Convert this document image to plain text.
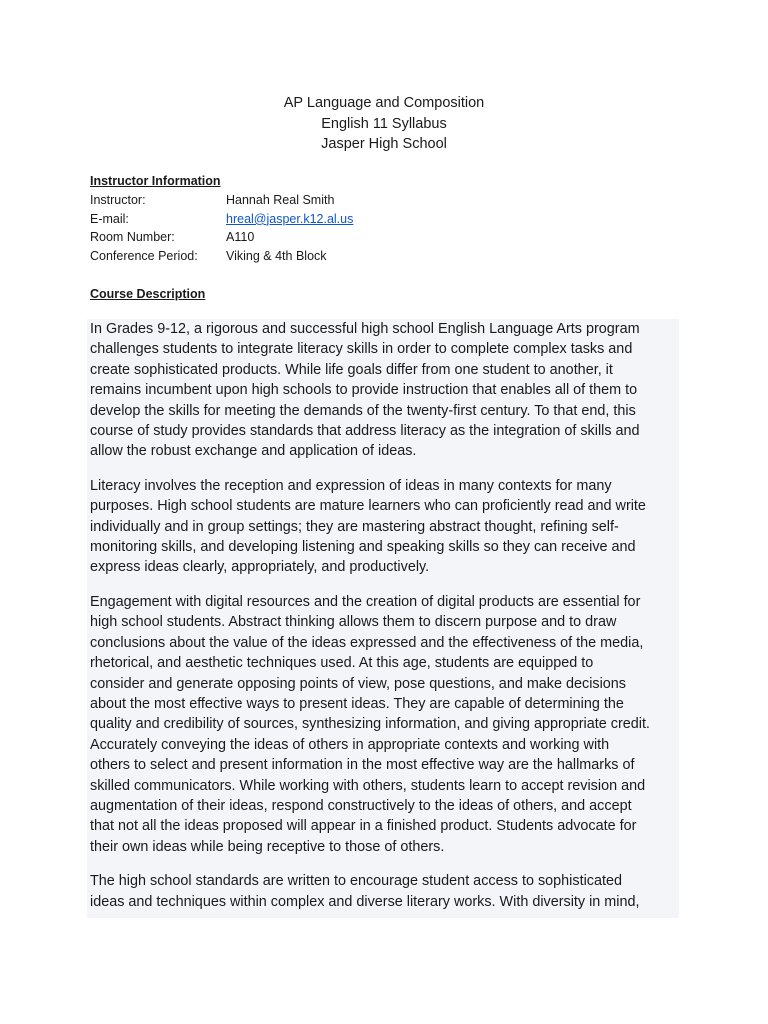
AP Language and Composition
English 11 Syllabus
Jasper High School
Instructor Information
Instructor:	Hannah Real Smith
E-mail:	hreal@jasper.k12.al.us
Room Number:	A110
Conference Period:	Viking & 4th Block
Course Description
In Grades 9-12, a rigorous and successful high school English Language Arts program
challenges students to integrate literacy skills in order to complete complex tasks and
create sophisticated products. While life goals differ from one student to another, it
remains incumbent upon high schools to provide instruction that enables all of them to
develop the skills for meeting the demands of the twenty-first century. To that end, this
course of study provides standards that address literacy as the integration of skills and
allow the robust exchange and application of ideas.
Literacy involves the reception and expression of ideas in many contexts for many
purposes. High school students are mature learners who can proficiently read and write
individually and in group settings; they are mastering abstract thought, refining self-
monitoring skills, and developing listening and speaking skills so they can receive and
express ideas clearly, appropriately, and productively.
Engagement with digital resources and the creation of digital products are essential for
high school students. Abstract thinking allows them to discern purpose and to draw
conclusions about the value of the ideas expressed and the effectiveness of the media,
rhetorical, and aesthetic techniques used. At this age, students are equipped to
consider and generate opposing points of view, pose questions, and make decisions
about the most effective ways to present ideas. They are capable of determining the
quality and credibility of sources, synthesizing information, and giving appropriate credit.
Accurately conveying the ideas of others in appropriate contexts and working with
others to select and present information in the most effective way are the hallmarks of
skilled communicators. While working with others, students learn to accept revision and
augmentation of their ideas, respond constructively to the ideas of others, and accept
that not all the ideas proposed will appear in a finished product. Students advocate for
their own ideas while being receptive to those of others.
The high school standards are written to encourage student access to sophisticated
ideas and techniques within complex and diverse literary works. With diversity in mind,
